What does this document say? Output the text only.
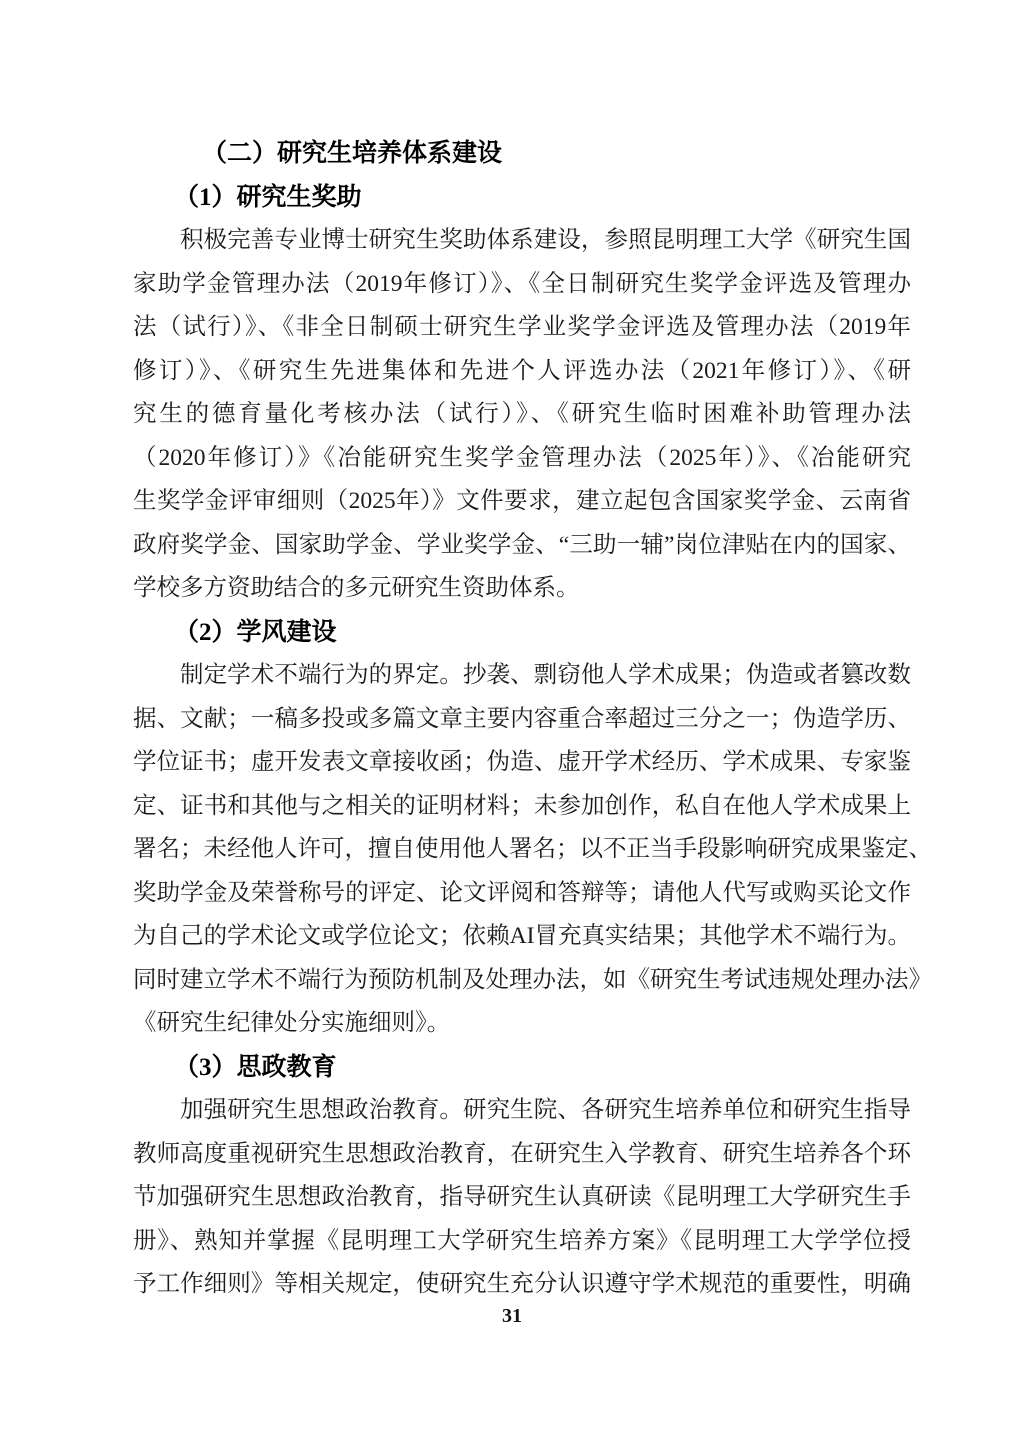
（二）研究生培养体系建设
（1）研究生奖助
积极完善专业博士研究生奖助体系建设，参照昆明理工大学《研究生国
家助学金管理办法（2019年修订）》、《全日制研究生奖学金评选及管理办
法（试行）》、《非全日制硕士研究生学业奖学金评选及管理办法（2019年
修订）》、《研究生先进集体和先进个人评选办法（2021年修订）》、《研
究生的德育量化考核办法（试行）》、《研究生临时困难补助管理办法
（2020年修订）》《冶能研究生奖学金管理办法（2025年）》、《冶能研究
生奖学金评审细则（2025年）》文件要求，建立起包含国家奖学金、云南省
政府奖学金、国家助学金、学业奖学金、“三助一辅”岗位津贴在内的国家、
学校多方资助结合的多元研究生资助体系。
（2）学风建设
制定学术不端行为的界定。抄袭、剽窃他人学术成果；伪造或者篡改数
据、文献；一稿多投或多篇文章主要内容重合率超过三分之一；伪造学历、
学位证书；虚开发表文章接收函；伪造、虚开学术经历、学术成果、专家鉴
定、证书和其他与之相关的证明材料；未参加创作，私自在他人学术成果上
署名；未经他人许可，擅自使用他人署名；以不正当手段影响研究成果鉴定、
奖助学金及荣誉称号的评定、论文评阅和答辩等；请他人代写或购买论文作
为自己的学术论文或学位论文；依赖AI冒充真实结果；其他学术不端行为。
同时建立学术不端行为预防机制及处理办法，如《研究生考试违规处理办法》
《研究生纪律处分实施细则》。
（3）思政教育
加强研究生思想政治教育。研究生院、各研究生培养单位和研究生指导
教师高度重视研究生思想政治教育，在研究生入学教育、研究生培养各个环
节加强研究生思想政治教育，指导研究生认真研读《昆明理工大学研究生手
册》、熟知并掌握《昆明理工大学研究生培养方案》《昆明理工大学学位授
予工作细则》等相关规定，使研究生充分认识遵守学术规范的重要性，明确
31
